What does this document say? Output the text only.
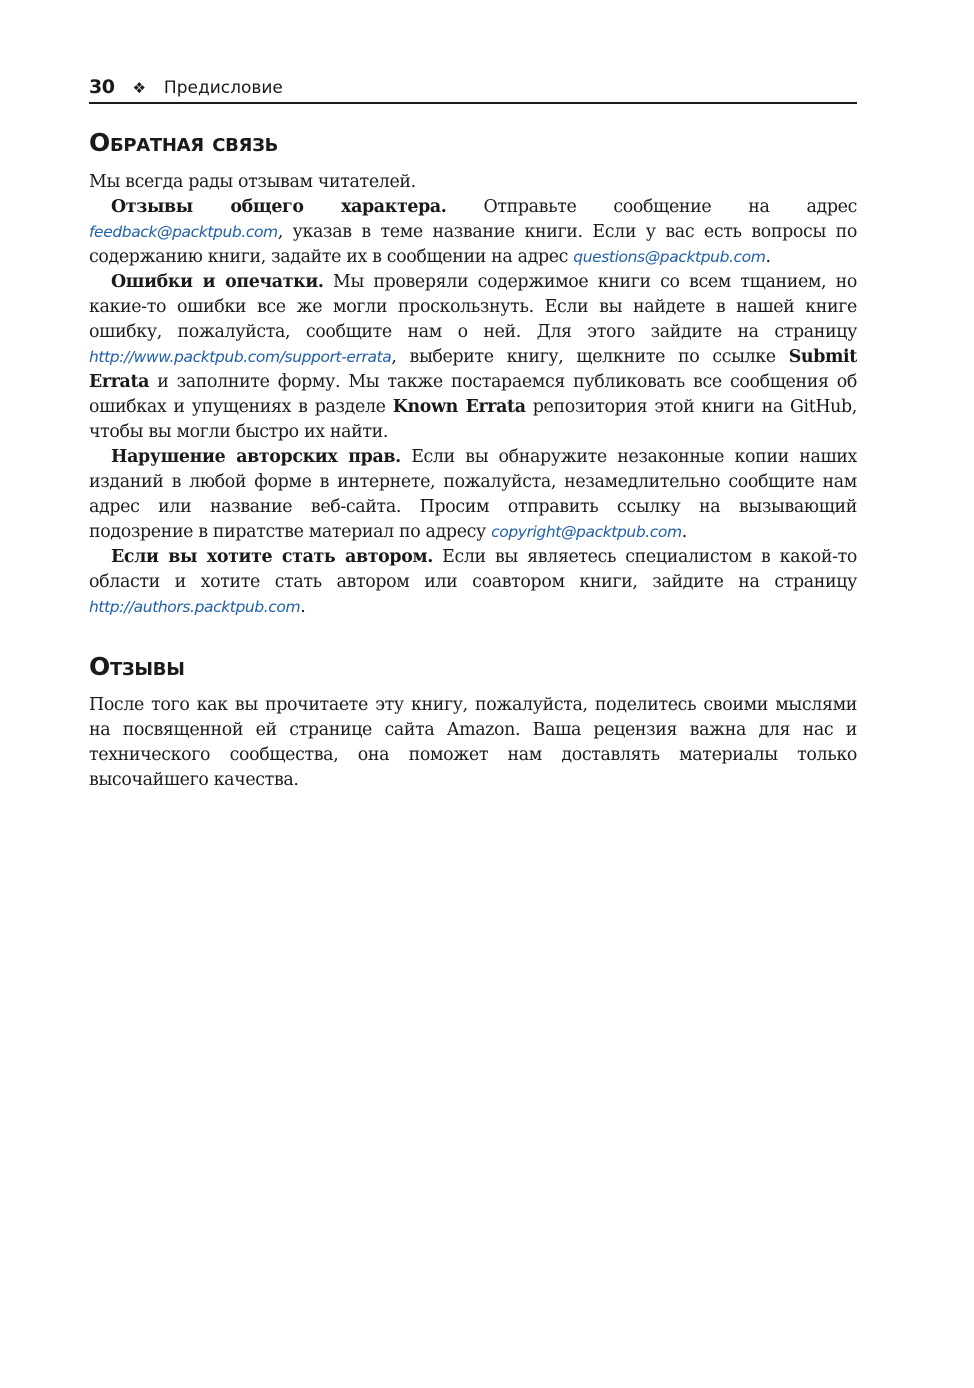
30 ❖ Предисловие
Обратная связь

Мы всегда рады отзывам читателей.

Отзывы общего характера. Отправьте сообщение на адрес feedback@packtpub.com, указав в теме название книги. Если у вас есть вопросы по содержанию книги, задайте их в сообщении на адрес questions@packtpub.com.

Ошибки и опечатки. Мы проверяли содержимое книги со всем тщанием, но какие-то ошибки все же могли проскользнуть. Если вы найдете в нашей книге ошибку, пожалуйста, сообщите нам о ней. Для этого зайдите на страницу http://www.packtpub.com/support-errata, выберите книгу, щелкните по ссылке Submit Errata и заполните форму. Мы также постараемся публиковать все сообщения об ошибках и упущениях в разделе Known Errata репозитория этой книги на GitHub, чтобы вы могли быстро их найти.

Нарушение авторских прав. Если вы обнаружите незаконные копии наших изданий в любой форме в интернете, пожалуйста, незамедлительно сообщите нам адрес или название веб-сайта. Просим отправить ссылку на вызывающий подозрение в пиратстве материал по адресу copyright@packtpub.com.

Если вы хотите стать автором. Если вы являетесь специалистом в какой-то области и хотите стать автором или соавтором книги, зайдите на страницу http://authors.packtpub.com.

Отзывы

После того как вы прочитаете эту книгу, пожалуйста, поделитесь своими мыслями на посвященной ей странице сайта Amazon. Ваша рецензия важна для нас и технического сообщества, она поможет нам доставлять материалы только высочайшего качества.
